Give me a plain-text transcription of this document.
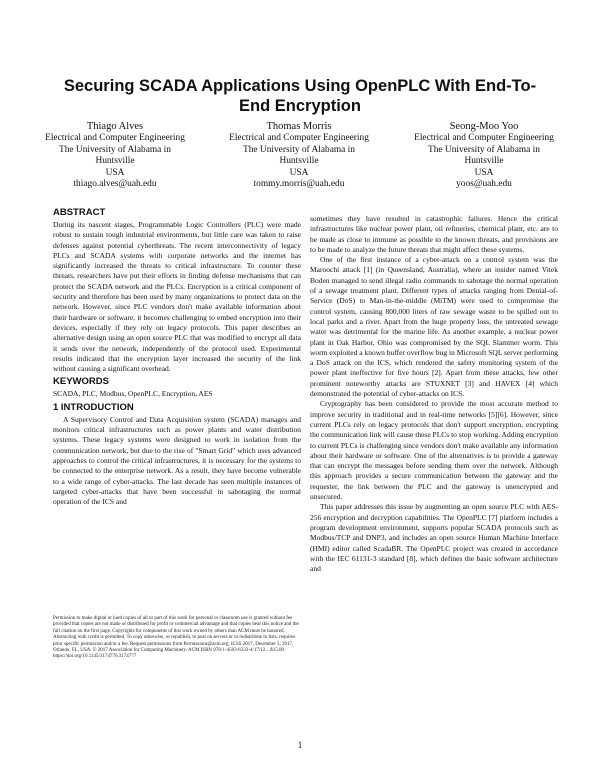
Securing SCADA Applications Using OpenPLC With End-To-End Encryption
Thiago Alves
Electrical and Computer Engineering
The University of Alabama in Huntsville
USA
thiago.alves@uah.edu
Thomas Morris
Electrical and Computer Engineering
The University of Alabama in Huntsville
USA
tommy.morris@uah.edu
Seong-Moo Yoo
Electrical and Computer Engineering
The University of Alabama in Huntsville
USA
yoos@uah.edu
ABSTRACT

During its nascent stages, Programmable Logic Controllers (PLC) were made robust to sustain tough industrial environments, but little care was taken to raise defenses against potential cyberthreats. The recent interconnectivity of legacy PLCs and SCADA systems with corporate networks and the internet has significantly increased the threats to critical infrastructure. To counter these threats, researchers have put their efforts in finding defense mechanisms that can protect the SCADA network and the PLCs. Encryption is a critical component of security and therefore has been used by many organizations to protect data on the network. However, since PLC vendors don't make available information about their hardware or software, it becomes challenging to embed encryption into their devices, especially if they rely on legacy protocols. This paper describes an alternative design using an open source PLC that was modified to encrypt all data it sends over the network, independently of the protocol used. Experimental results indicated that the encryption layer increased the security of the link without causing a significant overhead.

KEYWORDS

SCADA, PLC, Modbus, OpenPLC, Encryption, AES

1 INTRODUCTION

A Supervisory Control and Data Acquisition system (SCADA) manages and monitors critical infrastructures such as power plants and water distribution systems. These legacy systems were designed to work in isolation from the communication network, but due to the rise of "Smart Grid" which uses advanced approaches to control the critical infrastructures, it is necessary for the systems to be connected to the enterprise network. As a result, they have become vulnerable to a wide range of cyber-attacks. The last decade has seen multiple instances of targeted cyber-attacks that have been successful in sabotaging the normal operation of the ICS and

Permission to make digital or hard copies of all or part of this work for personal or classroom use is granted without fee provided that copies are not made or distributed for profit or commercial advantage and that copies bear this notice and the full citation on the first page. Copyrights for components of this work owned by others than ACM must be honored. Abstracting with credit is permitted. To copy otherwise, or republish, to post on servers or to redistribute to lists, requires prior specific permission and/or a fee. Request permissions from Permissions@acm.org. ICSS 2017, December 5, 2017, Orlando, FL, USA. © 2017 Association for Computing Machinery. ACM ISBN 978-1-4503-6333-4/17/12…$15.00 https://doi.org/10.1145/3174776.3174777

sometimes they have resulted in catastrophic failures. Hence the critical infrastructures like nuclear power plant, oil refineries, chemical plant, etc. are to be made as close to immune as possible to the known threats, and provisions are to be made to analyze the future threats that might affect these systems.

One of the first instance of a cyber-attack on a control system was the Maroochi attack [1] (in Queensland, Australia), where an insider named Vitek Boden managed to send illegal radio commands to sabotage the normal operation of a sewage treatment plant. Different types of attacks ranging from Denial-of-Service (DoS) to Man-in-the-middle (MiTM) were used to compromise the control system, causing 800,000 liters of raw sewage waste to be spilled out to local parks and a river. Apart from the huge property loss, the untreated sewage water was detrimental for the marine life. As another example, a nuclear power plant in Oak Harbor, Ohio was compromised by the SQL Slammer worm. This worm exploited a known buffer overflow bug in Microsoft SQL server performing a DoS attack on the ICS, which rendered the safety monitoring system of the power plant ineffective for five hours [2]. Apart from these attacks, few other prominent noteworthy attacks are STUXNET [3] and HAVEX [4] which demonstrated the potential of cyber-attacks on ICS.

Cryptography has been considered to provide the most accurate method to improve security in traditional and in real-time networks [5][6]. However, since current PLCs rely on legacy protocols that don't support encryption, encrypting the communication link will cause these PLCs to stop working. Adding encryption to current PLCs is challenging since vendors don't make available any information about their hardware or software. One of the alternatives is to provide a gateway that can encrypt the messages before sending them over the network. Although this approach provides a secure communication between the gateway and the requester, the link between the PLC and the gateway is unencrypted and unsecured.

This paper addresses this issue by augmenting an open source PLC with AES-256 encryption and decryption capabilities. The OpenPLC [7] platform includes a program development environment, supports popular SCADA protocols such as Modbus/TCP and DNP3, and includes an open source Human Machine Interface (HMI) editor called ScadaBR. The OpenPLC project was created in accordance with the IEC 61131-3 standard [8], which defines the basic software architecture and

1
